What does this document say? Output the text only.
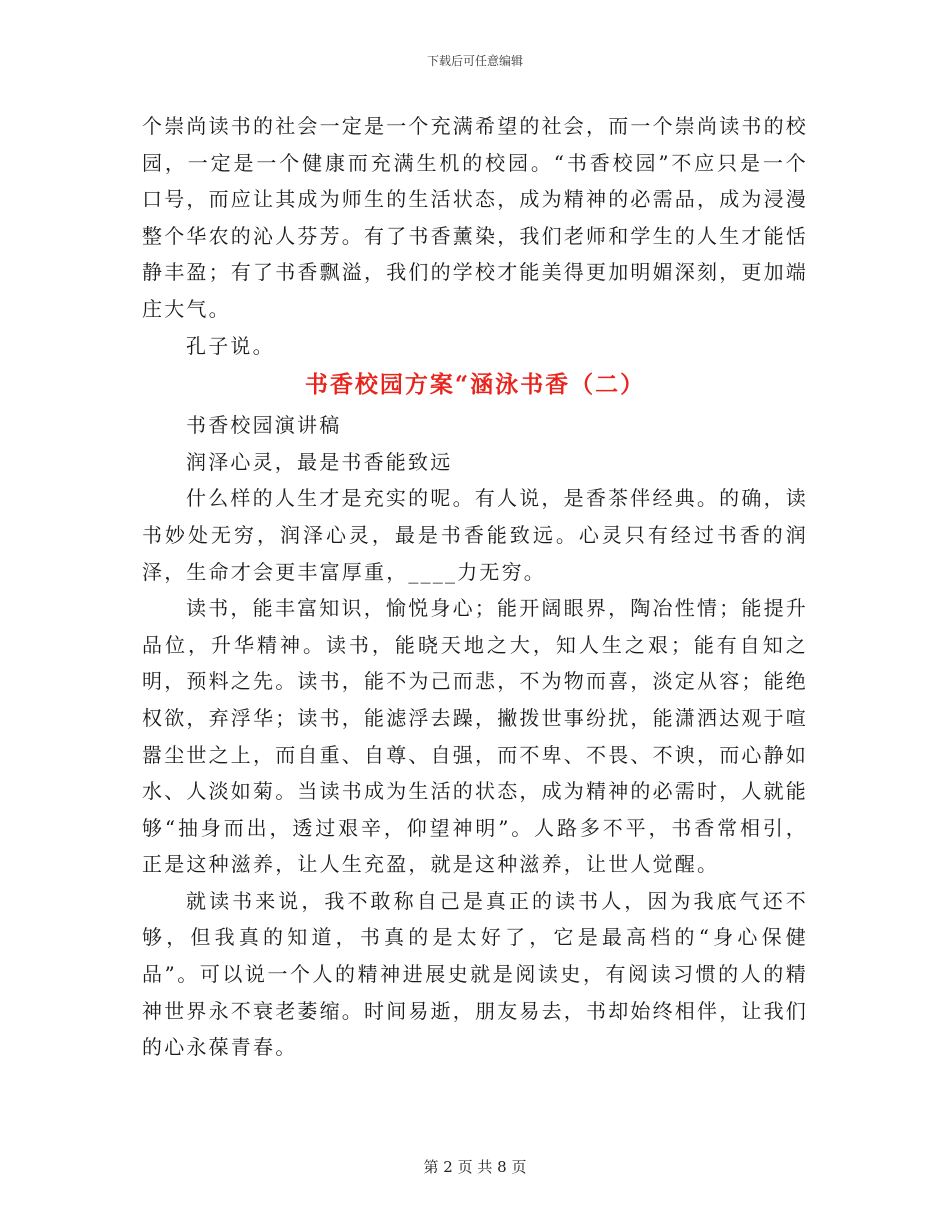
下载后可任意编辑

个崇尚读书的社会一定是一个充满希望的社会，而一个崇尚读书的校园，一定是一个健康而充满生机的校园。“书香校园”不应只是一个口号，而应让其成为师生的生活状态，成为精神的必需品，成为浸漫整个华农的沁人芬芳。有了书香薰染，我们老师和学生的人生才能恬静丰盈；有了书香飘溢，我们的学校才能美得更加明媚深刻，更加端庄大气。

孔子说。

书香校园方案“涵泳书香（二）

书香校园演讲稿

润泽心灵，最是书香能致远

什么样的人生才是充实的呢。有人说，是香茶伴经典。的确，读书妙处无穷，润泽心灵，最是书香能致远。心灵只有经过书香的润泽，生命才会更丰富厚重，____力无穷。

读书，能丰富知识，愉悦身心；能开阔眼界，陶冶性情；能提升品位，升华精神。读书，能晓天地之大，知人生之艰；能有自知之明，预料之先。读书，能不为己而悲，不为物而喜，淡定从容；能绝权欲，弃浮华；读书，能滤浮去躁，撇拨世事纷扰，能潇洒达观于喧嚣尘世之上，而自重、自尊、自强，而不卑、不畏、不谀，而心静如水、人淡如菊。当读书成为生活的状态，成为精神的必需时，人就能够“抽身而出，透过艰辛，仰望神明”。人路多不平，书香常相引，正是这种滋养，让人生充盈，就是这种滋养，让世人觉醒。

就读书来说，我不敢称自己是真正的读书人，因为我底气还不够，但我真的知道，书真的是太好了，它是最高档的“身心保健品”。可以说一个人的精神进展史就是阅读史，有阅读习惯的人的精神世界永不衰老萎缩。时间易逝，朋友易去，书却始终相伴，让我们的心永葆青春。

第 2 页 共 8 页
